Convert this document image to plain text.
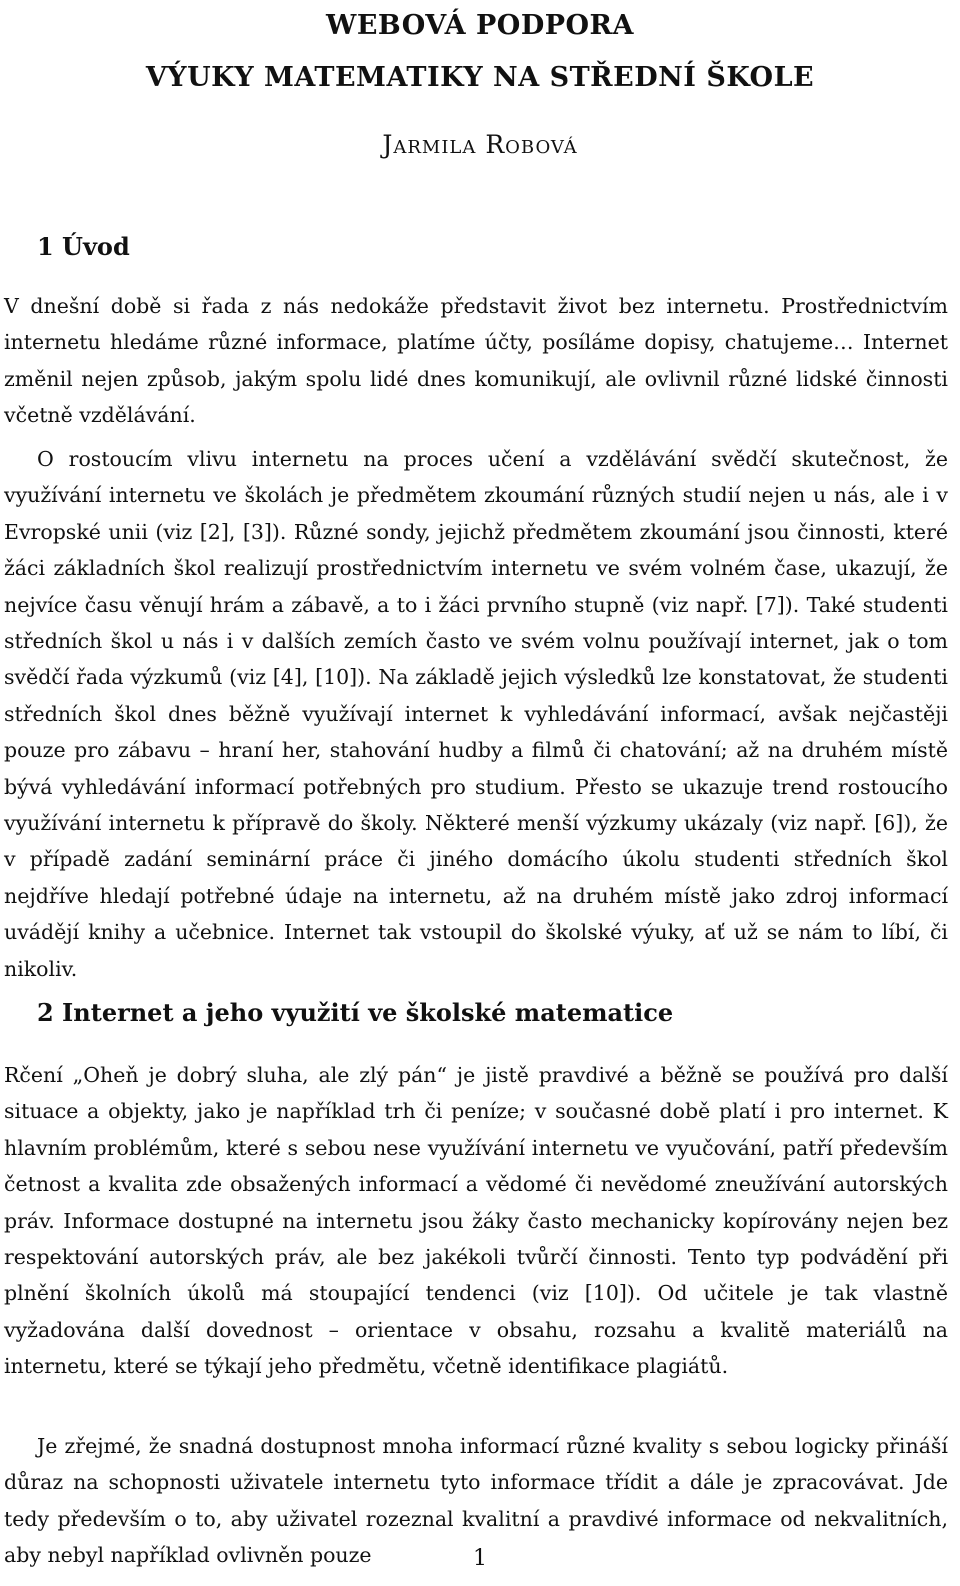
WEBOVÁ PODPORA
VÝUKY MATEMATIKY NA STŘEDNÍ ŠKOLE
Jarmila Robová
1 Úvod

V dnešní době si řada z nás nedokáže představit život bez internetu. Prostřednictvím internetu hledáme různé informace, platíme účty, posíláme dopisy, chatujeme… Internet změnil nejen způsob, jakým spolu lidé dnes komunikují, ale ovlivnil různé lidské činnosti včetně vzdělávání.

O rostoucím vlivu internetu na proces učení a vzdělávání svědčí skutečnost, že využívání internetu ve školách je předmětem zkoumání různých studií nejen u nás, ale i v Evropské unii (viz [2], [3]). Různé sondy, jejichž předmětem zkoumání jsou činnosti, které žáci základních škol realizují prostřednictvím internetu ve svém volném čase, ukazují, že nejvíce času věnují hrám a zábavě, a to i žáci prvního stupně (viz např. [7]). Také studenti středních škol u nás i v dalších zemích často ve svém volnu používají internet, jak o tom svědčí řada výzkumů (viz [4], [10]). Na základě jejich výsledků lze konstatovat, že studenti středních škol dnes běžně využívají internet k vyhledávání informací, avšak nejčastěji pouze pro zábavu – hraní her, stahování hudby a filmů či chatování; až na druhém místě bývá vyhledávání informací potřebných pro studium. Přesto se ukazuje trend rostoucího využívání internetu k přípravě do školy. Některé menší výzkumy ukázaly (viz např. [6]), že v případě zadání seminární práce či jiného domácího úkolu studenti středních škol nejdříve hledají potřebné údaje na internetu, až na druhém místě jako zdroj informací uvádějí knihy a učebnice. Internet tak vstoupil do školské výuky, ať už se nám to líbí, či nikoliv.

2 Internet a jeho využití ve školské matematice

Rčení „Oheň je dobrý sluha, ale zlý pán“ je jistě pravdivé a běžně se používá pro další situace a objekty, jako je například trh či peníze; v současné době platí i pro internet. K hlavním problémům, které s sebou nese využívání internetu ve vyučování, patří především četnost a kvalita zde obsažených informací a vědomé či nevědomé zneužívání autorských práv. Informace dostupné na internetu jsou žáky často mechanicky kopírovány nejen bez respektování autorských práv, ale bez jakékoli tvůrčí činnosti. Tento typ podvádění při plnění školních úkolů má stoupající tendenci (viz [10]). Od učitele je tak vlastně vyžadována další dovednost – orientace v obsahu, rozsahu a kvalitě materiálů na internetu, které se týkají jeho předmětu, včetně identifikace plagiátů.

Je zřejmé, že snadná dostupnost mnoha informací různé kvality s sebou logicky přináší důraz na schopnosti uživatele internetu tyto informace třídit a dále je zpracovávat. Jde tedy především o to, aby uživatel rozeznal kvalitní a pravdivé informace od nekvalitních, aby nebyl například ovlivněn pouze	1
